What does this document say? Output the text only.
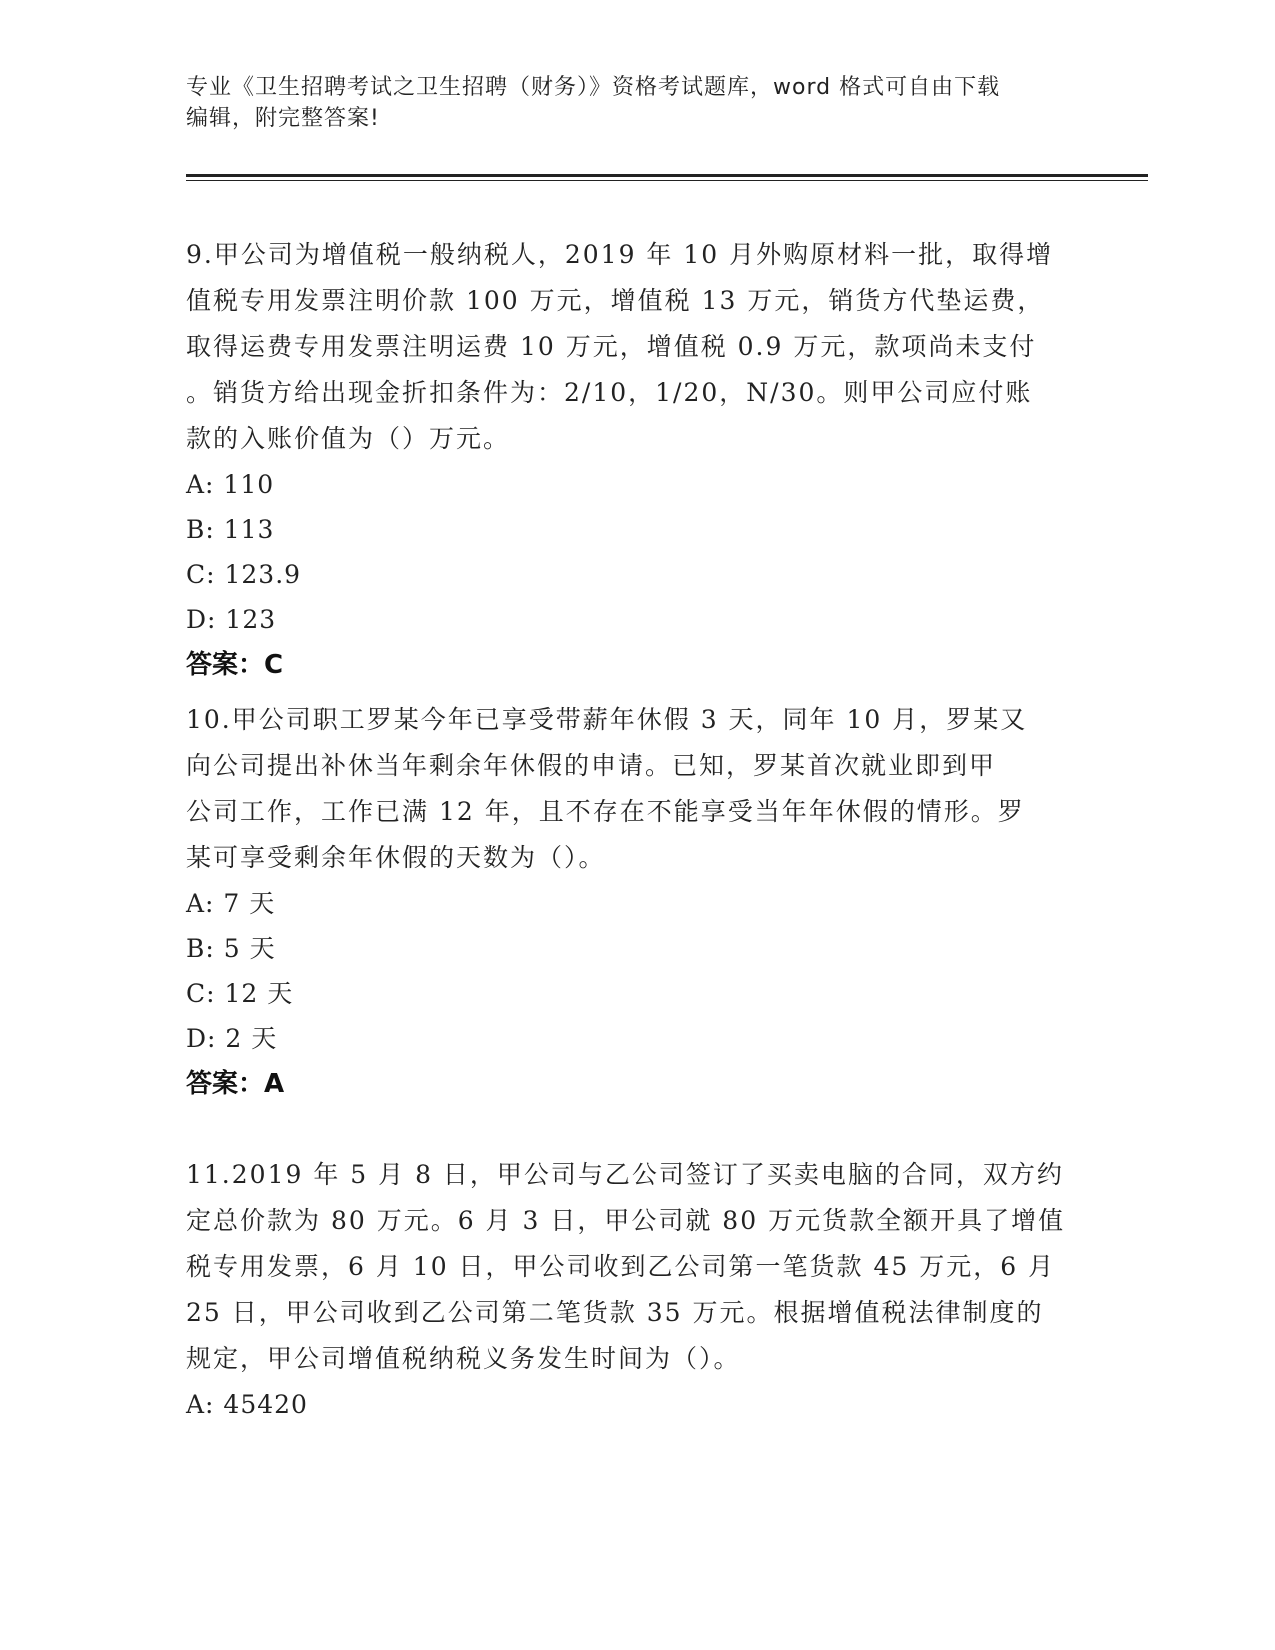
专业《卫生招聘考试之卫生招聘（财务）》资格考试题库，word 格式可自由下载
编辑，附完整答案!

9.甲公司为增值税一般纳税人，2019 年 10 月外购原材料一批，取得增
值税专用发票注明价款 100 万元，增值税 13 万元，销货方代垫运费，
取得运费专用发票注明运费 10 万元，增值税 0.9 万元，款项尚未支付
。销货方给出现金折扣条件为：2/10，1/20，N/30。则甲公司应付账
款的入账价值为（）万元。

A: 110
B: 113
C: 123.9
D: 123
答案：C

10.甲公司职工罗某今年已享受带薪年休假 3 天，同年 10 月，罗某又
向公司提出补休当年剩余年休假的申请。已知，罗某首次就业即到甲
公司工作，工作已满 12 年，且不存在不能享受当年年休假的情形。罗
某可享受剩余年休假的天数为（）。

A: 7 天
B: 5 天
C: 12 天
D: 2 天
答案：A

11.2019 年 5 月 8 日，甲公司与乙公司签订了买卖电脑的合同，双方约
定总价款为 80 万元。6 月 3 日，甲公司就 80 万元货款全额开具了增值
税专用发票，6 月 10 日，甲公司收到乙公司第一笔货款 45 万元，6 月
25 日，甲公司收到乙公司第二笔货款 35 万元。根据增值税法律制度的
规定，甲公司增值税纳税义务发生时间为（）。

A: 45420
